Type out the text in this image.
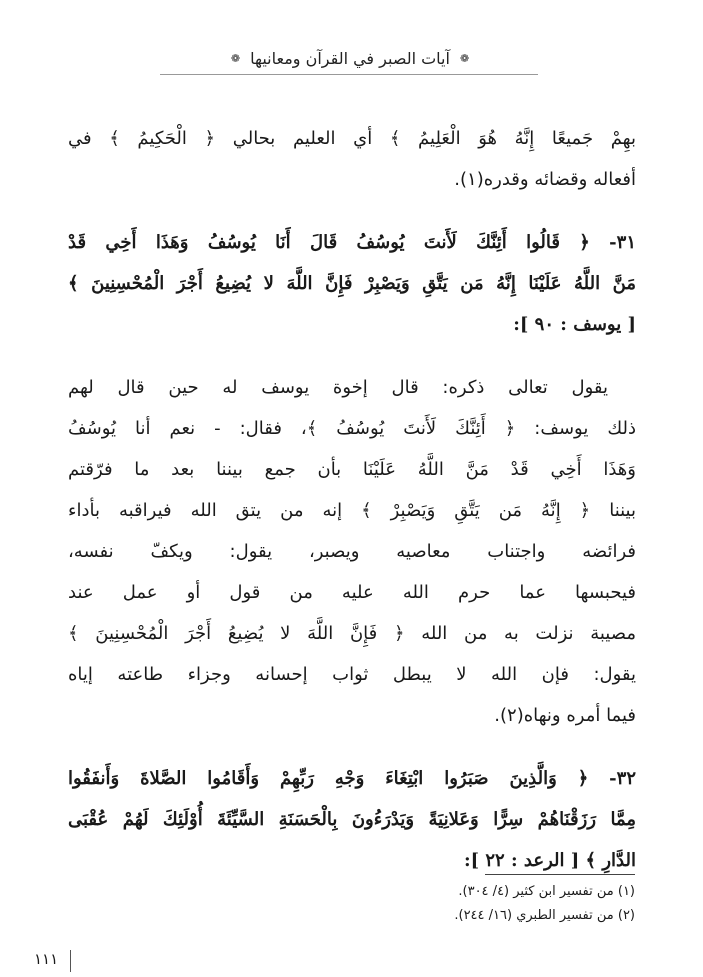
❁
آيات الصبر في القرآن ومعانيها
❁
بهِمْ جَميعًا إِنَّهُ هُوَ الْعَلِيمُ ﴾ أي العليم بحالي ﴿ الْحَكِيمُ ﴾ في
أفعاله وقضائه وقدره(١).
٣١- ﴿ قَالُوا أَئِنَّكَ لَأَنتَ يُوسُفُ قَالَ أَنَا يُوسُفُ وَهَذَا أَخِي قَدْ
مَنَّ اللَّهُ عَلَيْنَا إِنَّهُ مَن يَتَّقِ وَيَصْبِرْ فَإِنَّ اللَّهَ لا يُضِيعُ أَجْرَ الْمُحْسِنِينَ ﴾
[ يوسف : ٩٠ ]:
يقول تعالى ذكره: قال إخوة يوسف له حين قال لهم
ذلك يوسف: ﴿ أَئِنَّكَ لَأَنتَ يُوسُفُ ﴾، فقال: - نعم أنا يُوسُفُ
وَهَذَا أَخِي قَدْ مَنَّ اللَّهُ عَلَيْنَا بأن جمع بيننا بعد ما فرّقتم
بيننا ﴿ إِنَّهُ مَن يَتَّقِ وَيَصْبِرْ ﴾ إنه من يتق الله فيراقبه بأداء
فرائضه واجتناب معاصيه ويصبر، يقول: ويكفّ نفسه،
فيحبسها عما حرم الله عليه من قول أو عمل عند
مصيبة نزلت به من الله ﴿ فَإِنَّ اللَّهَ لا يُضِيعُ أَجْرَ الْمُحْسِنِينَ ﴾
يقول: فإن الله لا يبطل ثواب إحسانه وجزاء طاعته إياه
فيما أمره ونهاه(٢).
٣٢- ﴿ وَالَّذِينَ صَبَرُوا ابْتِغَاءَ وَجْهِ رَبِّهِمْ وَأَقَامُوا الصَّلاةَ وَأَنفَقُوا
مِمَّا رَزَقْنَاهُمْ سِرًّا وَعَلانِيَةً وَيَدْرَءُونَ بِالْحَسَنَةِ السَّيِّئَةَ أُوْلَئِكَ لَهُمْ عُقْبَى
الدَّارِ ﴾ [ الرعد : ٢٢ ]:
(١) من تفسير ابن كثير (٤/ ٣٠٤).
(٢) من تفسير الطبري (١٦/ ٢٤٤).
١١١
